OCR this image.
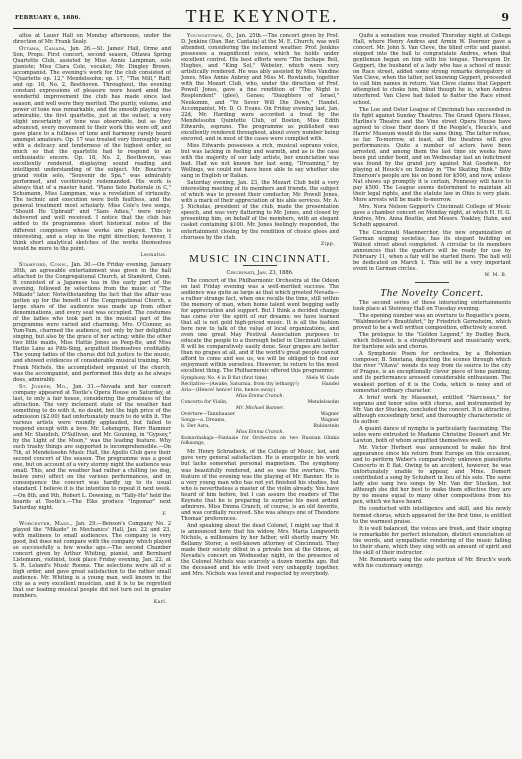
FEBRUARY 6, 1886.	THE KEYNOTE.	9

altos at Lauer Hall on Monday afternoons, under the direction of Mr. Frank Sealy.

Ottawa, Canada, Jan. 26.—St. James' Hall, Orme and Son, Props. First concert, second season, Ottawa Spring Quartette Club, assisted by Miss Annie Lampman, solo pianiste; Miss Clara Cole, vocalist; Mr. Dingley Brown, accompanist. The evening's work for the club consisted of "Quartette op. 12," Mendelssohn; op. 17, "The Mill," Raff; and op. 18, No. 2, Beethoven. Throughout, the evening constant expressions of pleasure were heard amid the wonderful improvement the club has made since last season, and well were they merited. The purity, volume, and power of tone was remarkable, and the smooth playing was admirable, the first quartette, just at the outset, a very slight uncertainty of tone was observable, but as they advanced, every movement to their work this were off, and gave place to a fullness of tone and harmony rarely heard amongst amateurs. Op. 17 was treated very thoroughly and with a delicacy and tenderness of the highest order, so much so that the quartette had to respond to an enthusiastic encore. Op. 18, No. 2, Beethoven, was excellently rendered, displaying sound reading and intelligent understanding of the subject. Mr. Boucher's grand violin solo, "Souvenir de Spa," was admirably performed, and vociferously redemanded. His work is always that of a master hand. "Piano Solo Pastorale in C," Schumann, Miss Lampman, was a revelation of virtuosity. The technic and execution were both faultless, and the general treatment most scholarly. Miss Cole's two songs, "Should He Upbraid" and "Sans Adieu," were nicely delivered and well received. I notice that the club has added to its programmes short historical notes of the different composers whose works are played. This is interesting, and a step in the right direction; however, I think short analytical sketches of the works themselves would be more to the point.

Leonatus.

Stamford, Conn., Jan. 30.—On Friday evening, January 30th, an agreeable entertainment was given in the hall attached to the Congregational Church, at Stamford, Conn. It consisted of a Japanese tea in the early part of the evening, followed by selections from the music of "The Mikado" later. Notwithstanding the fact that the affair was gotten up for the benefit of the Congregational Church, a large share of the audience was made up from other denominations, and every seat was occupied. The costumes of the ladies who took part in the musical part of the programme were varied and charming. Mrs. O'Connor, as Yum-Yum, charmed the audience, not only by her delightful singing, but also by the grace of her acting; while the other two little maids, Miss Hattie Jones as Peep-Bo, and Miss Hattie Lane as Pitti-Sing, acquitted themselves creditably. The young ladies of the chorus did full justice to the music, and showed evidences of considerable musical training. Mr. Frank Nichols, the accomplished organist of the church, was the accompanist, and performed this duty as he always does, admirably.

St. Joseph, Mo., Jan. 31.—Nevada and her concert company appeared at Tootle's Opera House on Saturday, at last, to only a fair house, considering the greatness of the attraction. The very inclement state of the weather had something to do with it, no doubt, but the high price of the admission ($2.00) had unfortunately much to do with it. The various artists were roundly applauded, but failed to respond except with a bow. Mr. Lohengrin, Herr Hammer and Mr. Standish, O'Sullivan, and Mr. Gouning, in "Gypsey," by the Light of the Moon," was the leading feature. Why such trashy things are supported is incomprehensible.—On 7th, at Mendelssohn Music Hall, the Apollo Club gave their second concert of the season. The programme was a good one, but on account of a very stormy night the audience was small. This, and the weather had rather a chilling (so dog, below zero) effect on the various performances, and in consequence the concert was hardly up to its usual standard. I believe it is the intention to repeat it next week.—On 8th, and 9th, Robert L. Downing, in "Tally-Ho" held the boards at Tootle's.—The Elks produce "Ingomar" next Saturday night.

F.

Worcester, Mass., Jan. 29.—Benson's Company No. 2 played the "Mikado" in Mechanics' Hall, Jan. 22 and 23, with matinees to small audiences. The company is very good, but does not compare with the company which played so successfully a few weeks ago.—The second Chamber concert given by Arthur Whiting, pianist, and Bernhard Listemann, violinist, took place Friday evening, Jan. 22, at S. R. Leland's Music Rooms. The selections were all of a high order, and gave great satisfaction to the rather small audience. Mr. Whiting is a young man, well known in the city as a very excellent musician, and it is to be regretted that our leading musical people did not turn out in greater numbers.

Karl.

Youngstown, O., Jan. 25th.—The concert given by Prof. D. Jenkins (Dan. Bar. Cantata) at the M. E. Church, was well attended, considering the inclement weather. Prof. Jenkins possesses a magnificent voice, which he holds under excellent control. His best efforts were "The Inchape Bell, Hughes, and "King Sol," Webster, which were very artistically rendered. He was ably assisted by Miss Vandine Jones, Miss Annie Aubrey and Miss M. Rowlands, together with the Mozart Club, who, under the direction of Prof. Powell Jones, gave a fine rendition of "The Night is Resplendent" (glee), Genee; "Daughters of Israel," Neukomm, and "Ye Sever Will Die Down," Handel. Accompanist, Mr. D. O. Evans. On Friday evening last, Jan. 22d, Mr. Harding were accorded a treat by the Mendelssohn Quintette Club, of Boston, Miss Edith Edwards, soprano. The programme as published was excellently rendered throughout, about every number being encored, and in most of the cases were complied with.

Miss Edwards possesses a rich, musical soprano voice, but was lacking in feeling and warmth, and as is the case with the majority of our lady artists, her enunciation was bad. Had we not known her last song, "Dreaming," by Wellings, we could not have been able to say whether she sang in English or Italian.

Saturday evening, Jan. 23, the Mozart Club held a very interesting meeting of its members and friends, the subject of which was to present their conductor, Mr. Powell Jones, with a mark of their appreciation of his able services. Mr. A. J. Nicholas, president of the club, made the presentation speech, and was very flattering to Mr. Jones, and closed by presenting him, on behalf of the members, with an elegant casket containing $100. Mr. Jones feelingly responded, the entertainment closing by the rendition of choice glees and choruses by the club.

Zipp.

MUSIC IN CINCINNATI.

Cincinnati, Jan. 23, 1886.

The concert of the Philharmonic Orchestra at the Odeon on last Friday evening was a well-merited success. The audience was quite as large as that which greeted Nevada—a rather strange fact, when one recalls the time, still within the memory of man, when home talent went begging sadly for appreciation and support. But I think a decided change has come o'er the spirit of our dreams; we have learned that all is not gold high-priced music. It is all the fashion here now to talk of the value of local organizations, and even one great May Festival Association purposes to educate the people to a thorough belief in Cincinnati talent. It will be comparatively easily done. Sour grapes are better than no grapes at all, and if the world's great people cannot afford to come and see us, we will be obliged to find our enjoyment within ourselves. However, to return to the most excellent thing. The Philharmonic offered this programme:

Symphony No. 4 in B flat (first time)	Niels W. Gade
Recitative—(Awake, Saturnia, from thy lethargy!)	Handel
Aria—(Hence! hence! Iris, hence away.)
Miss Emma Cranch.
Concerto for Violin,	Mendelssohn
Mr. Michael Banner.
Overture—Tannhauser	Wagner
Songs—a. Dreams,	Wagner
b. Der Asra,	Rubinstein
Miss Emma Cranch.
Komarinskaja—Fantasie for Orchestra on two Russian folksongs,
Glinka

Mr. Henry Schradieck, of the College of Music, led, and gave very general satisfaction. He is energetic in his work but lacks somewhat personal magnetism. The symphony was beautifully rendered, and so was the overture. The feature of the evening was the playing of Mr. Banner. He is a very young man who has not yet finished his studies, but who is nevertheless a master of the violin already. You have heard of him before, but I can assure the readers of The Keynote that he is preparing to surprise his most ardent admirers. Miss Emma Cranch, of course, is an old favorite, and was cordially received. She was always one of Theodore Thomas' preferences.

And speaking about the dead Colonel, I might say that it is announced here that his widow, Mrs. Maria Longworth Nichols, a millionaire by her father, will shortly marry Mr. Bellamy Storer, a well-known attorney of Cincinnati. They made their society début in a private box at the Odeon, at Nevada's concert on Wednesday night, in the presence of the Colonel Nichols was scarcely a dozen months ago. But the deceased and his wife lived very unhappily together, and Mrs. Nichols was loved and respected by everybody.

Quite a sensation was created Thursday night at College Hall, where Henry Andres and Armin W. Doerner gave a concert. Mr. John S. Van Cleve, the blind critic and pianist, stepped into the hall to congratulate Andres, when that gentleman began on him with his tongue. Thereupon Dr. Geppert, the husband of a lady who has a school of music on Race street, added some strong remarks derogatory of Van Cleve, when the latter, not knowing Geppert, proceeded to call him names in return. Van Cleve claims that Geppert attempted to choke him, blind though he is, when Andres interfered. Van Cleve had failed to flatter the Race street school.

The Loe and Oster League of Cincinnati has succeeded in its fight against Sunday Theatres. The Grand Opera House, Harlins's Theatre and the Vine street Opera House have agreed to close their doors if the People's, Heuck's, and Harris' Museum would do the same thing. The latter refuse, so far. To-morrow, at least, all the theatres will give performances. Quite a number of actors have been arrested, and among them the last time six weeks have been put under bond, and on Wednesday last an indictment was found by the grand jury against Nat Goodwin, for playing at Heuck's on Sunday in "The Skating Rink." Billy Emerson's people are his on bond for $500, and now, unless Nat shows up promptly it is certain, Fennessy will have to pay $500. The League seems determined to maintain all their legal rights, and the statute law in Ohio is very plain. More arrests will be made to-morrow.

Mrs. Nora Nelson Geppert's Cincinnati College of Music gave a chamber concert on Monday night, at which H. H. G. Andres, Mrs. Anna Beattie, and Messrs. Yoakley, Hahn, and Schath appeared.

The Cincinnati Maennerchor, the new organization of German singing societies, has its elegant building on Walnut street about completed. A circular to its members announces that the quarters will be ready for use by February 11, when a fair will be started there. The hall will be dedicated on March 1. This will be a very important event in German circles.

W. M. B.

The Novelty Concert.

The second series of these interesting entertainments took place at Steinway Hall on Tuesday evening.

The opening number was an overture to Roquette's poem, "Waldmeister's Brautfahrt," by Friedrich Gernsheim, which proved to be a well written composition, effectively scored.

The prologue to the "Golden Legend," by Dudley Buck, which followed, is a straightforward and musicianly work, for baritone solo and chorus.

A Symphonic Poem for orchestra, by a Bohemian composer, B. Smetana, depicting the scenes through which the river "Vltava" wends its way from its source to the city of Prague, is an exceptionally clever piece of tone painting, and its performance aroused considerable enthusiasm. The weakest portion of it is the Coda, which is noisy and of somewhat ordinary character.

A brief work by Massenet, entitled "Narcissus," for soprano and tenor solos with chorus, and instrumented by Mr. Van der Stucken, concluded the concert. It is attractive, although exceedingly brief, and thoroughly characteristic of its author.

A quaint dance of nymphs is particularly fascinating. The solos were entrusted to Madame Christine Dossert and Mr. Lawton, both of whom acquitted themselves well.

Mr. Victor Herbert was announced to make his first appearance since his return from Europe on this occasion, and to perform Weber's comparatively unknown pianoforte Concerto in E flat. Owing to an accident, however, he was unfortunately unable to appear, and Mme. Domert contributed a song by Schubert in lieu of his solo. The same lady also sang two songs by Mr. Van der Stucken, but although she did her best to make them effective they are by no means equal to many other compositions from his pen, which we have heard.

He conducted with intelligence and skill, and his newly formed chorus, which appeared for the first time, is entitled to the warmest praise.

It is well balanced, the voices are fresh, and their singing is remarkable for perfect intonation, distinct enunciation of the words, and sympathetic rendering of the music falling to their share, which they sing with an amount of spirit and the skill of their instructor.

Mr. Remmertz sang the solo portion of Mr. Bruch's work with his customary energy.
